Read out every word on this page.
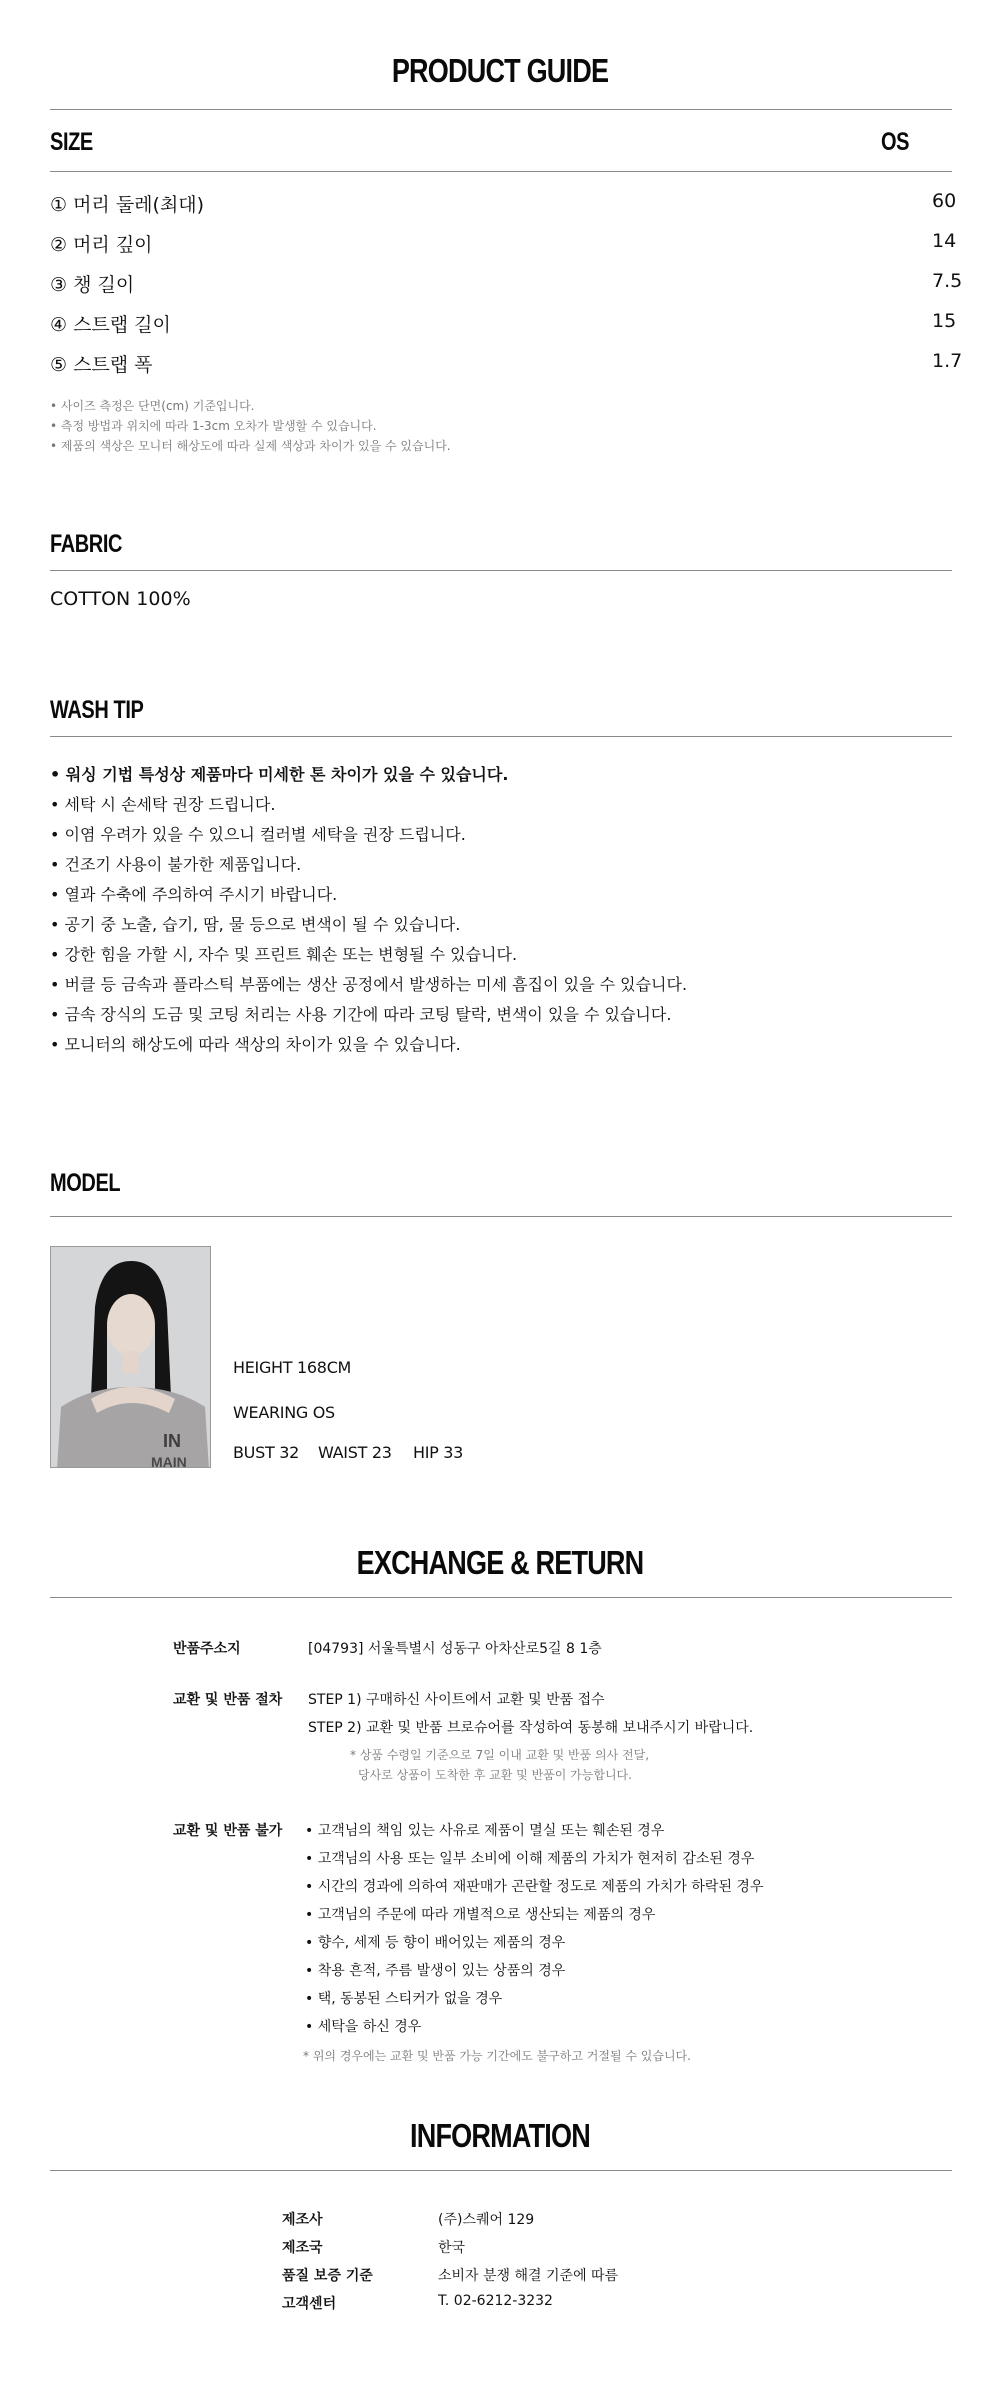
PRODUCT GUIDE
SIZE	OS
① 머리 둘레(최대)	60
② 머리 깊이	14
③ 챙 길이	7.5
④ 스트랩 길이	15
⑤ 스트랩 폭	1.7
• 사이즈 측정은 단면(cm) 기준입니다.
• 측정 방법과 위치에 따라 1-3cm 오차가 발생할 수 있습니다.
• 제품의 색상은 모니터 해상도에 따라 실제 색상과 차이가 있을 수 있습니다.
FABRIC
COTTON 100%
WASH TIP
• 워싱 기법 특성상 제품마다 미세한 톤 차이가 있을 수 있습니다.
• 세탁 시 손세탁 권장 드립니다.
• 이염 우려가 있을 수 있으니 컬러별 세탁을 권장 드립니다.
• 건조기 사용이 불가한 제품입니다.
• 열과 수축에 주의하여 주시기 바랍니다.
• 공기 중 노출, 습기, 땀, 물 등으로 변색이 될 수 있습니다.
• 강한 힘을 가할 시, 자수 및 프린트 훼손 또는 변형될 수 있습니다.
• 버클 등 금속과 플라스틱 부품에는 생산 공정에서 발생하는 미세 흠집이 있을 수 있습니다.
• 금속 장식의 도금 및 코팅 처리는 사용 기간에 따라 코팅 탈락, 변색이 있을 수 있습니다.
• 모니터의 해상도에 따라 색상의 차이가 있을 수 있습니다.
MODEL
IN
MAIN
HEIGHT 168CM
WEARING OS
BUST 32 WAIST 23 HIP 33
EXCHANGE & RETURN
반품주소지	[04793] 서울특별시 성동구 아차산로5길 8 1층
교환 및 반품 절차 STEP 1) 구매하신 사이트에서 교환 및 반품 접수
STEP 2) 교환 및 반품 브로슈어를 작성하여 동봉해 보내주시기 바랍니다.
* 상품 수령일 기준으로 7일 이내 교환 및 반품 의사 전달,
당사로 상품이 도착한 후 교환 및 반품이 가능합니다.
교환 및 반품 불가 • 고객님의 책임 있는 사유로 제품이 멸실 또는 훼손된 경우
• 고객님의 사용 또는 일부 소비에 이해 제품의 가치가 현저히 감소된 경우
• 시간의 경과에 의하여 재판매가 곤란할 정도로 제품의 가치가 하락된 경우
• 고객님의 주문에 따라 개별적으로 생산되는 제품의 경우
• 향수, 세제 등 향이 배어있는 제품의 경우
• 착용 흔적, 주름 발생이 있는 상품의 경우
• 택, 동봉된 스티커가 없을 경우
• 세탁을 하신 경우
* 위의 경우에는 교환 및 반품 가능 기간에도 불구하고 거절될 수 있습니다.
INFORMATION
제조사	(주)스퀘어 129
제조국	한국
품질 보증 기준	소비자 분쟁 해결 기준에 따름
고객센터	T. 02-6212-3232
